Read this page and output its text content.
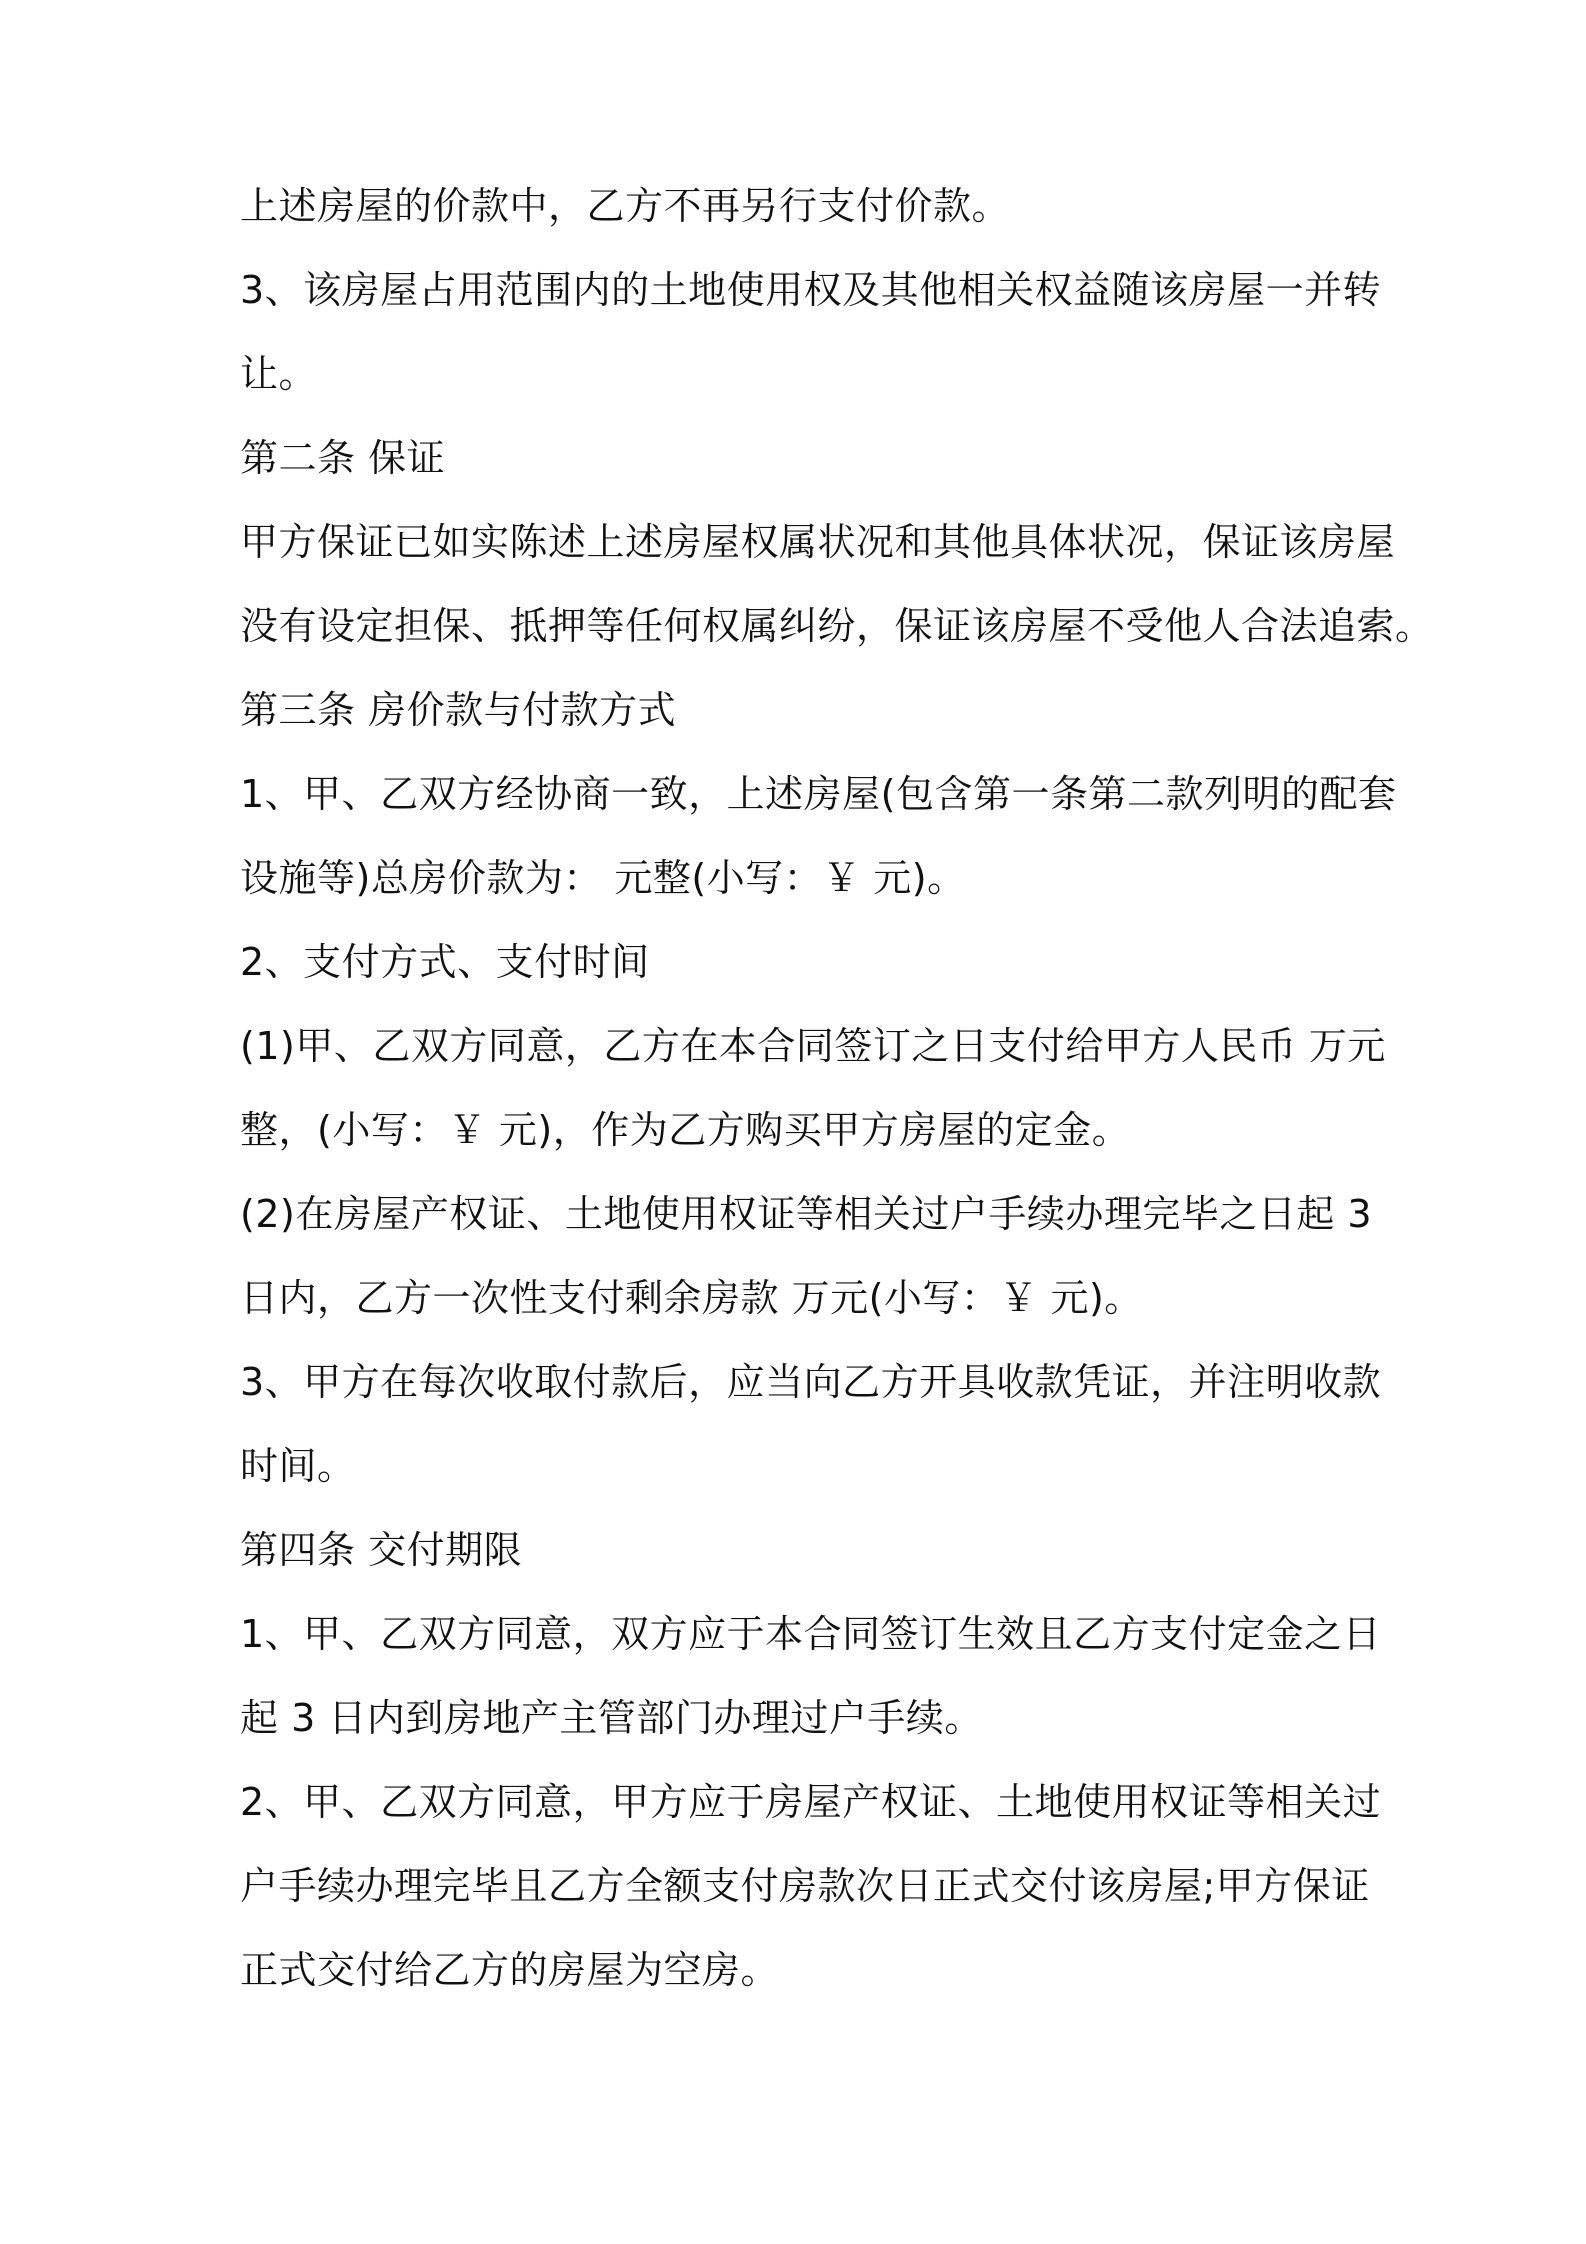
上述房屋的价款中，乙方不再另行支付价款。
3、该房屋占用范围内的土地使用权及其他相关权益随该房屋一并转
让。
第二条 保证
甲方保证已如实陈述上述房屋权属状况和其他具体状况，保证该房屋
没有设定担保、抵押等任何权属纠纷，保证该房屋不受他人合法追索。
第三条 房价款与付款方式
1、甲、乙双方经协商一致，上述房屋(包含第一条第二款列明的配套
设施等)总房价款为： 元整(小写：￥ 元)。
2、支付方式、支付时间
(1)甲、乙双方同意，乙方在本合同签订之日支付给甲方人民币 万元
整，(小写：￥ 元)，作为乙方购买甲方房屋的定金。
(2)在房屋产权证、土地使用权证等相关过户手续办理完毕之日起 3
日内，乙方一次性支付剩余房款 万元(小写：￥ 元)。
3、甲方在每次收取付款后，应当向乙方开具收款凭证，并注明收款
时间。
第四条 交付期限
1、甲、乙双方同意，双方应于本合同签订生效且乙方支付定金之日
起 3 日内到房地产主管部门办理过户手续。
2、甲、乙双方同意，甲方应于房屋产权证、土地使用权证等相关过
户手续办理完毕且乙方全额支付房款次日正式交付该房屋;甲方保证
正式交付给乙方的房屋为空房。
